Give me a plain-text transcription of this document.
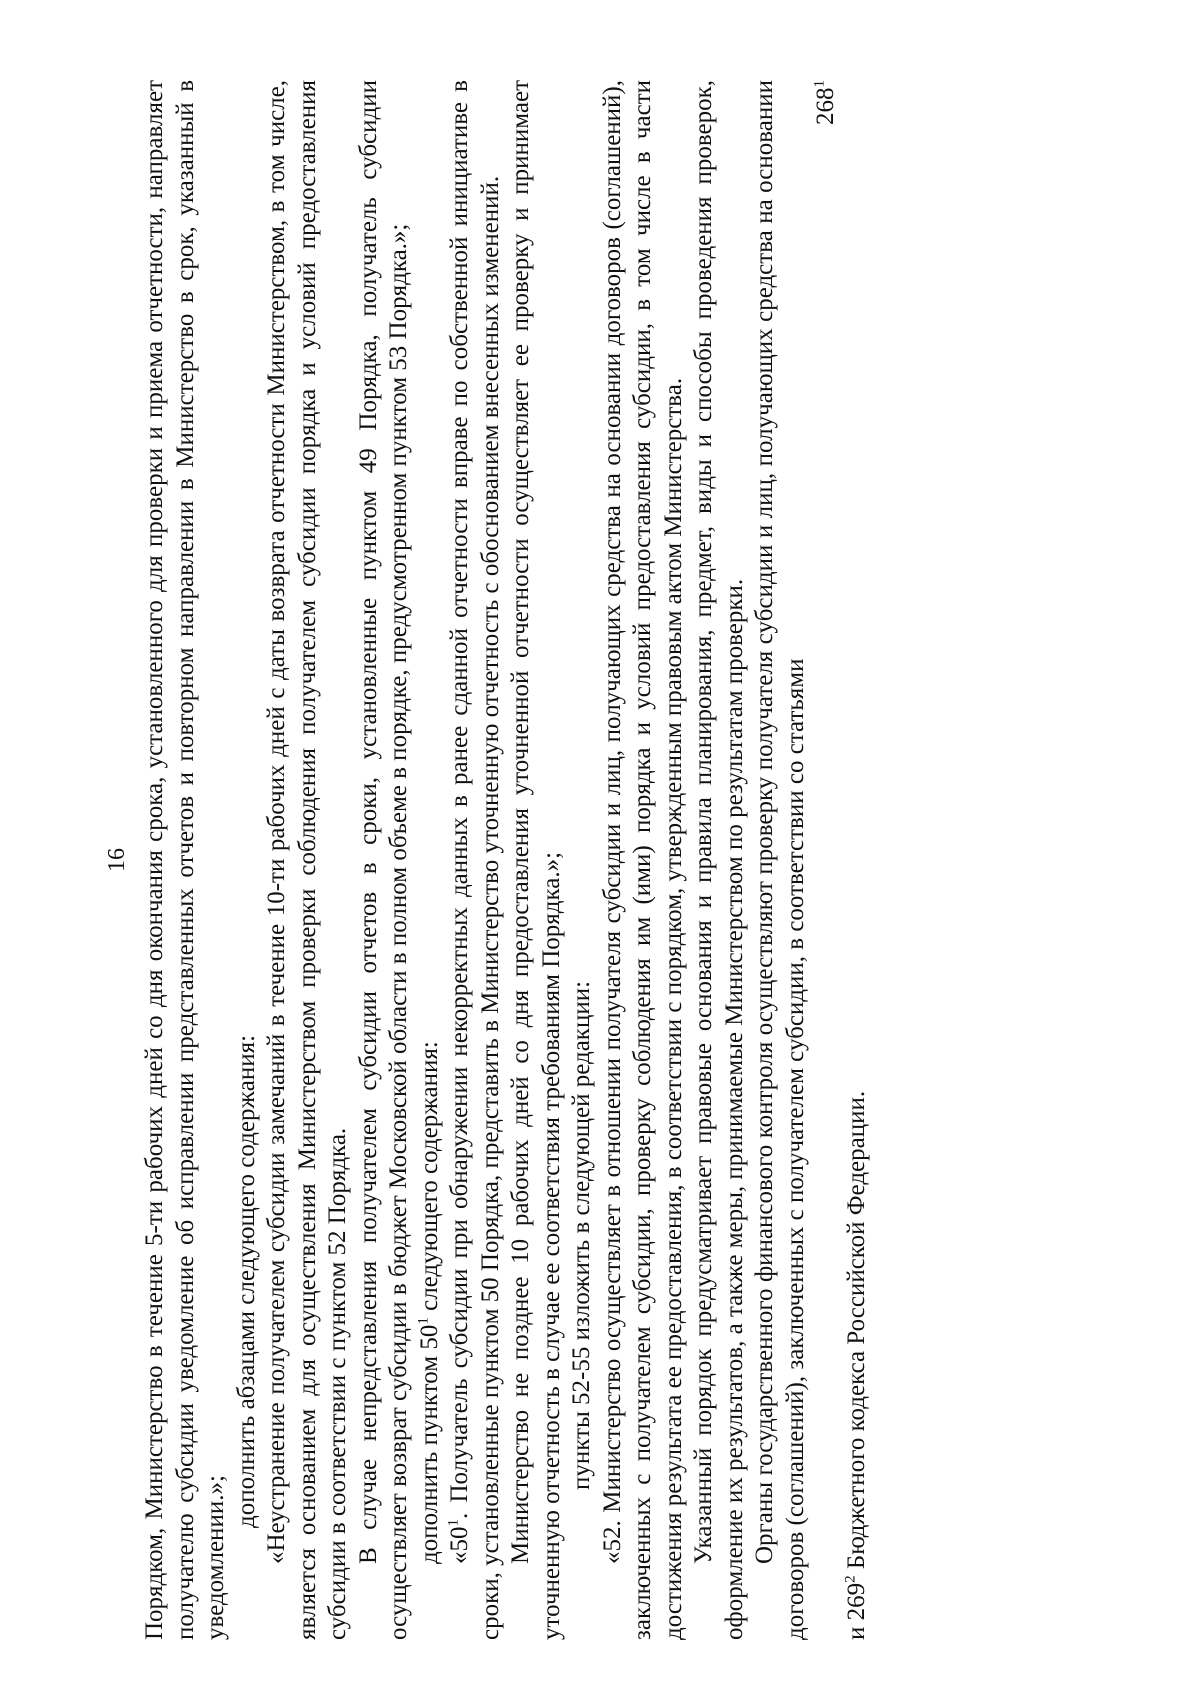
16 Порядком, Министерство в течение 5-ти рабочих дней со дня окончания срока, установленного для проверки и приема отчетности, направляет получателю субсидии уведомление об исправлении представленных отчетов и повторном направлении в Министерство в срок, указанный в уведомлении.»;

дополнить абзацами следующего содержания: «Неустранение получателем субсидии замечаний в течение 10-ти рабочих дней с даты возврата отчетности Министерством, в том числе, является основанием для осуществления Министерством проверки соблюдения получателем субсидии порядка и условий предоставления субсидии в соответствии с пунктом 52 Порядка. В случае непредставления получателем субсидии отчетов в сроки, установленные пунктом 49 Порядка, получатель субсидии осуществляет возврат субсидии в бюджет Московской области в полном объеме в порядке, предусмотренном пунктом 53 Порядка.»; дополнить пунктом $50^1$ следующего содержания:

«$50^1$. Получатель субсидии при обнаружении некорректных данных в ранее сданной отчетности вправе по собственной инициативе в сроки, установленные пунктом 50 Порядка, представить в Министерство уточненную отчетность с обоснованием внесенных изменений. Министерство не позднее 10 рабочих дней со дня предоставления уточненной отчетности осуществляет ее проверку и принимает уточненную отчетность в случае ее соответствия требованиям Порядка.»; пункты 52-55 изложить в следующей редакции: «52. Министерство осуществляет в отношении получателя субсидии и лиц, получающих средства на основании договоров (соглашений), заключенных с получателем субсидии, проверку соблюдения им (ими) порядка и условий предоставления субсидии, в том числе в части достижения результата ее предоставления, в соответствии с порядком, утвержденным правовым актом Министерства. Указанный порядок предусматривает правовые основания и правила планирования, предмет, виды и способы проведения проверок, оформление их результатов, а также меры, принимаемые Министерством по результатам проверки. Органы государственного финансового контроля осуществляют проверку получателя субсидии и лиц, получающих средства на основании договоров (соглашений), заключенных с получателем субсидии, в соответствии со статьями

$268^1$

и $269^2$ Бюджетного кодекса Российской Федерации.
